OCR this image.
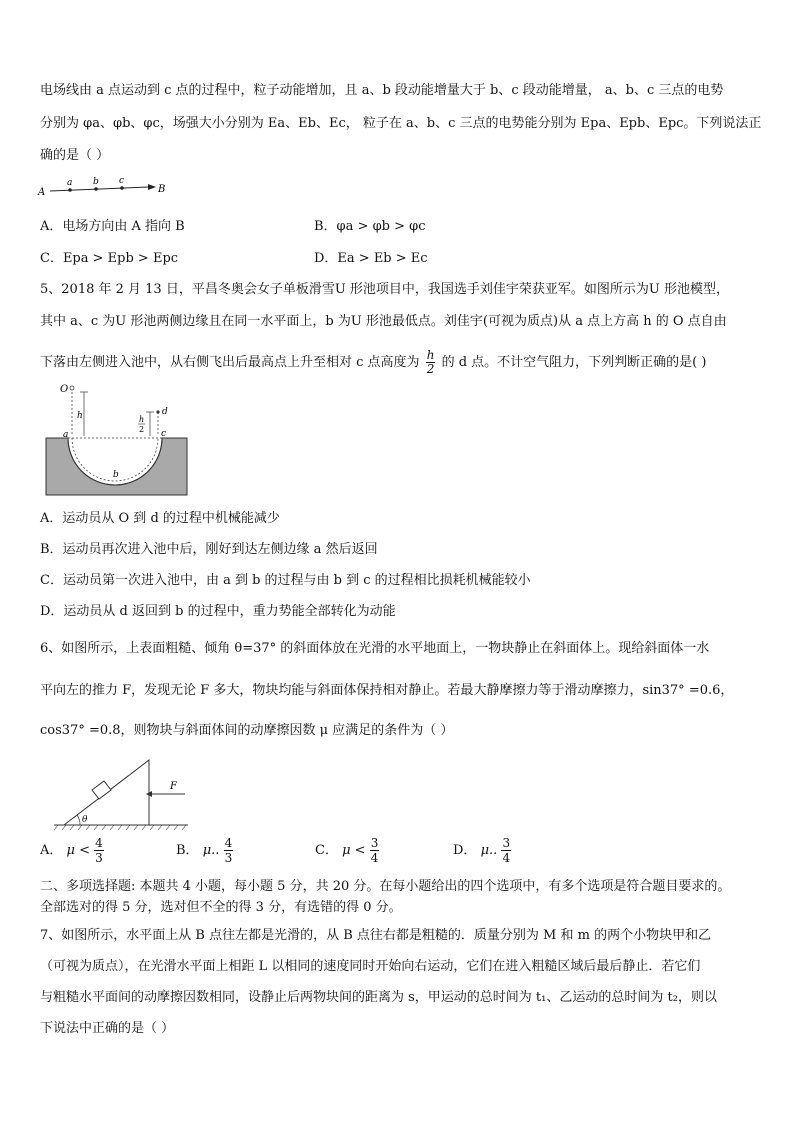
电场线由 a 点运动到 c 点的过程中，粒子动能增加，且 a、b 段动能增量大于 b、c 段动能增量， a、b、c 三点的电势
分别为 φa、φb、φc，场强大小分别为 Ea、Eb、Ec， 粒子在 a、b、c 三点的电势能分别为 Epa、Epb、Epc。下列说法正
确的是（ ）
A
a b c
B
A．电场方向由 A 指向 B	B．φa > φb > φc
C．Epa > Epb > Epc	D．Ea > Eb > Ec
5、2018 年 2 月 13 日，平昌冬奥会女子单板滑雪U 形池项目中，我国选手刘佳宇荣获亚军。如图所示为U 形池模型，
其中 a、c 为U 形池两侧边缘且在同一水平面上，b 为U 形池最低点。刘佳宇(可视为质点)从 a 点上方高 h 的 O 点自由
下落由左侧进入池中，从右侧飞出后最高点上升至相对 c 点高度为 $\frac{h}{2}$ 的 d 点。不计空气阻力，下列判断正确的是( )
O
h
a	c
d
h
2
b
A．运动员从 O 到 d 的过程中机械能减少
B．运动员再次进入池中后，刚好到达左侧边缘 a 然后返回
C．运动员第一次进入池中，由 a 到 b 的过程与由 b 到 c 的过程相比损耗机械能较小
D．运动员从 d 返回到 b 的过程中，重力势能全部转化为动能
6、如图所示，上表面粗糙、倾角 θ=37° 的斜面体放在光滑的水平地面上，一物块静止在斜面体上。现给斜面体一水
平向左的推力 F，发现无论 F 多大，物块均能与斜面体保持相对静止。若最大静摩擦力等于滑动摩擦力，sin37° =0.6，
cos37° =0.8，则物块与斜面体间的动摩擦因数 μ 应满足的条件为（ ）
θ
F
A． $\mu < \frac{4}{3}$	B． μ.. $\frac{4}{3}$	C． $\mu < \frac{3}{4}$	D． μ.. $\frac{3}{4}$
二、多项选择题: 本题共 4 小题，每小题 5 分，共 20 分。在每小题给出的四个选项中，有多个选项是符合题目要求的。
全部选对的得 5 分，选对但不全的得 3 分，有选错的得 0 分。
7、如图所示，水平面上从 B 点往左都是光滑的，从 B 点往右都是粗糙的．质量分别为 M 和 m 的两个小物块甲和乙
（可视为质点），在光滑水平面上相距 L 以相同的速度同时开始向右运动，它们在进入粗糙区域后最后静止．若它们
与粗糙水平面间的动摩擦因数相同，设静止后两物块间的距离为 s，甲运动的总时间为 t₁、乙运动的总时间为 t₂，则以
下说法中正确的是（ ）
